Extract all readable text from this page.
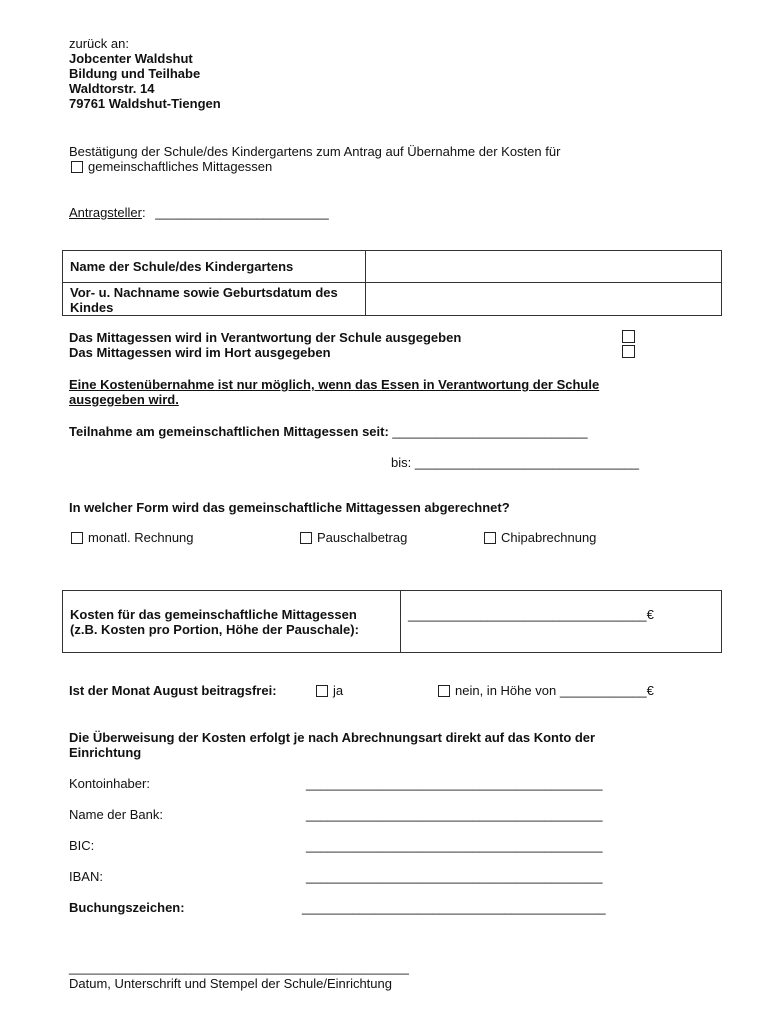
zurück an:
Jobcenter Waldshut
Bildung und Teilhabe
Waldtorstr. 14
79761 Waldshut-Tiengen
Bestätigung der Schule/des Kindergartens zum Antrag auf Übernahme der Kosten für
gemeinschaftliches Mittagessen
Antragsteller: ________________________
Name der Schule/des Kindergartens	
Vor- u. Nachname sowie Geburtsdatum des Kindes	
Das Mittagessen wird in Verantwortung der Schule ausgegeben
Das Mittagessen wird im Hort ausgegeben
Eine Kostenübernahme ist nur möglich, wenn das Essen in Verantwortung der Schule ausgegeben wird.
Teilnahme am gemeinschaftlichen Mittagessen seit: ___________________________
bis: _______________________________
In welcher Form wird das gemeinschaftliche Mittagessen abgerechnet?
monatl. Rechnung	Pauschalbetrag	Chipabrechnung
Kosten für das gemeinschaftliche Mittagessen
(z.B. Kosten pro Portion, Höhe der Pauschale):
	_________________________________€
Ist der Monat August beitragsfrei:	ja	nein, in Höhe von ____________€
Die Überweisung der Kosten erfolgt je nach Abrechnungsart direkt auf das Konto der Einrichtung
Kontoinhaber:	_________________________________________
Name der Bank:	_________________________________________
BIC:	_________________________________________
IBAN:	_________________________________________
Buchungszeichen:	__________________________________________
_______________________________________________
Datum, Unterschrift und Stempel der Schule/Einrichtung
